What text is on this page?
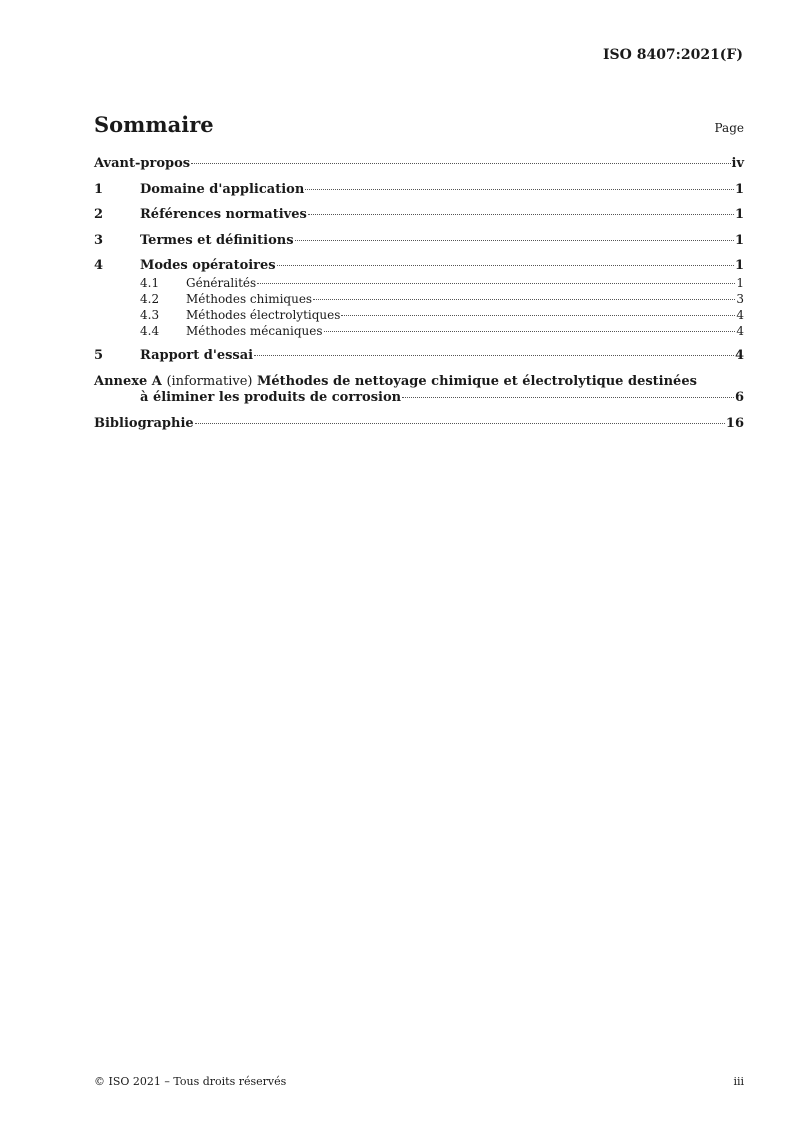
ISO 8407:2021(F)
Sommaire	Page
Avant-propos	iv
1	Domaine d'application	1
2	Références normatives	1
3	Termes et définitions	1
4	Modes opératoires	1
4.1	Généralités	1
4.2	Méthodes chimiques	3
4.3	Méthodes électrolytiques	4
4.4	Méthodes mécaniques	4
5	Rapport d'essai	4
Annexe A (informative) Méthodes de nettoyage chimique et électrolytique destinées
à éliminer les produits de corrosion	6
Bibliographie	16
© ISO 2021 – Tous droits réservés	iii
